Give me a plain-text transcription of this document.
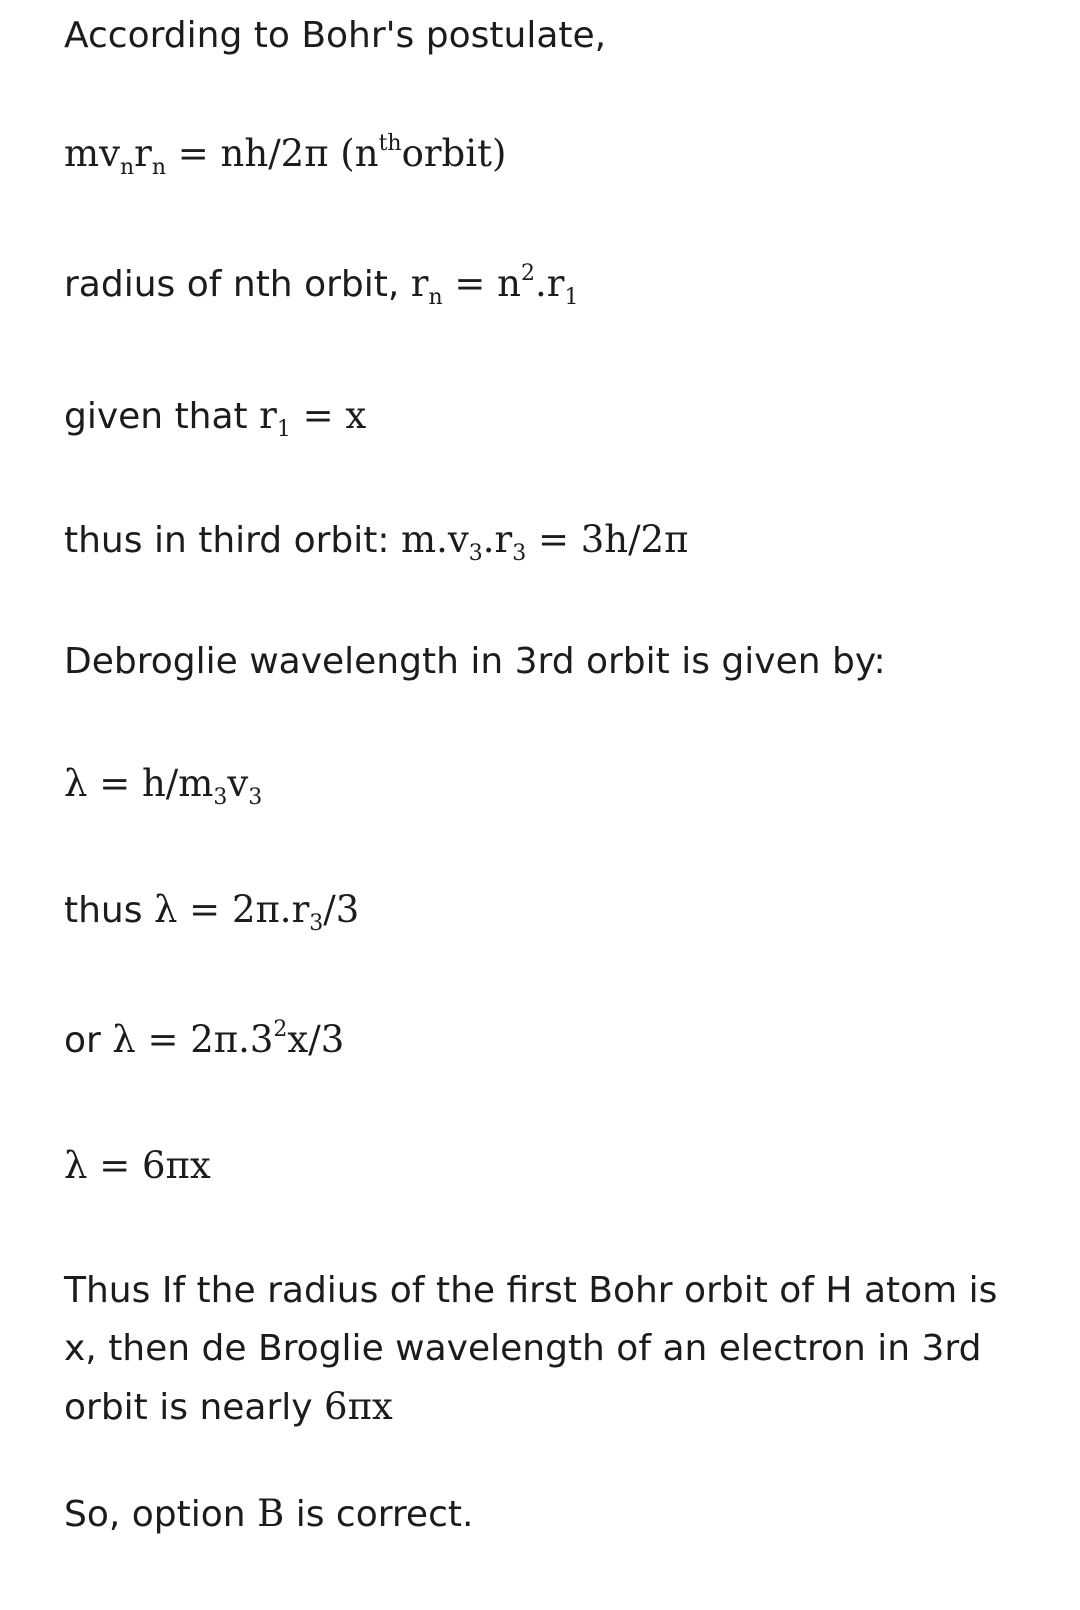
According to Bohr's postulate,
$mv_nr_n = nh/2\pi$ $(n^{th}orbit)$
radius of nth orbit, $r_n = n^2.r_1$
given that $r_1 = x$
thus in third orbit: $m.v_3.r_3 = 3h/2\pi$
Debroglie wavelength in 3rd orbit is given by:
$\lambda = h/m_3v_3$
thus $\lambda = 2\pi.r_3/3$
or $\lambda = 2\pi.3^2x/3$
λ = 6πx
Thus If the radius of the first Bohr orbit of H atom is x, then de Broglie wavelength of an electron in 3rd orbit is nearly 6πx
So, option B is correct.
